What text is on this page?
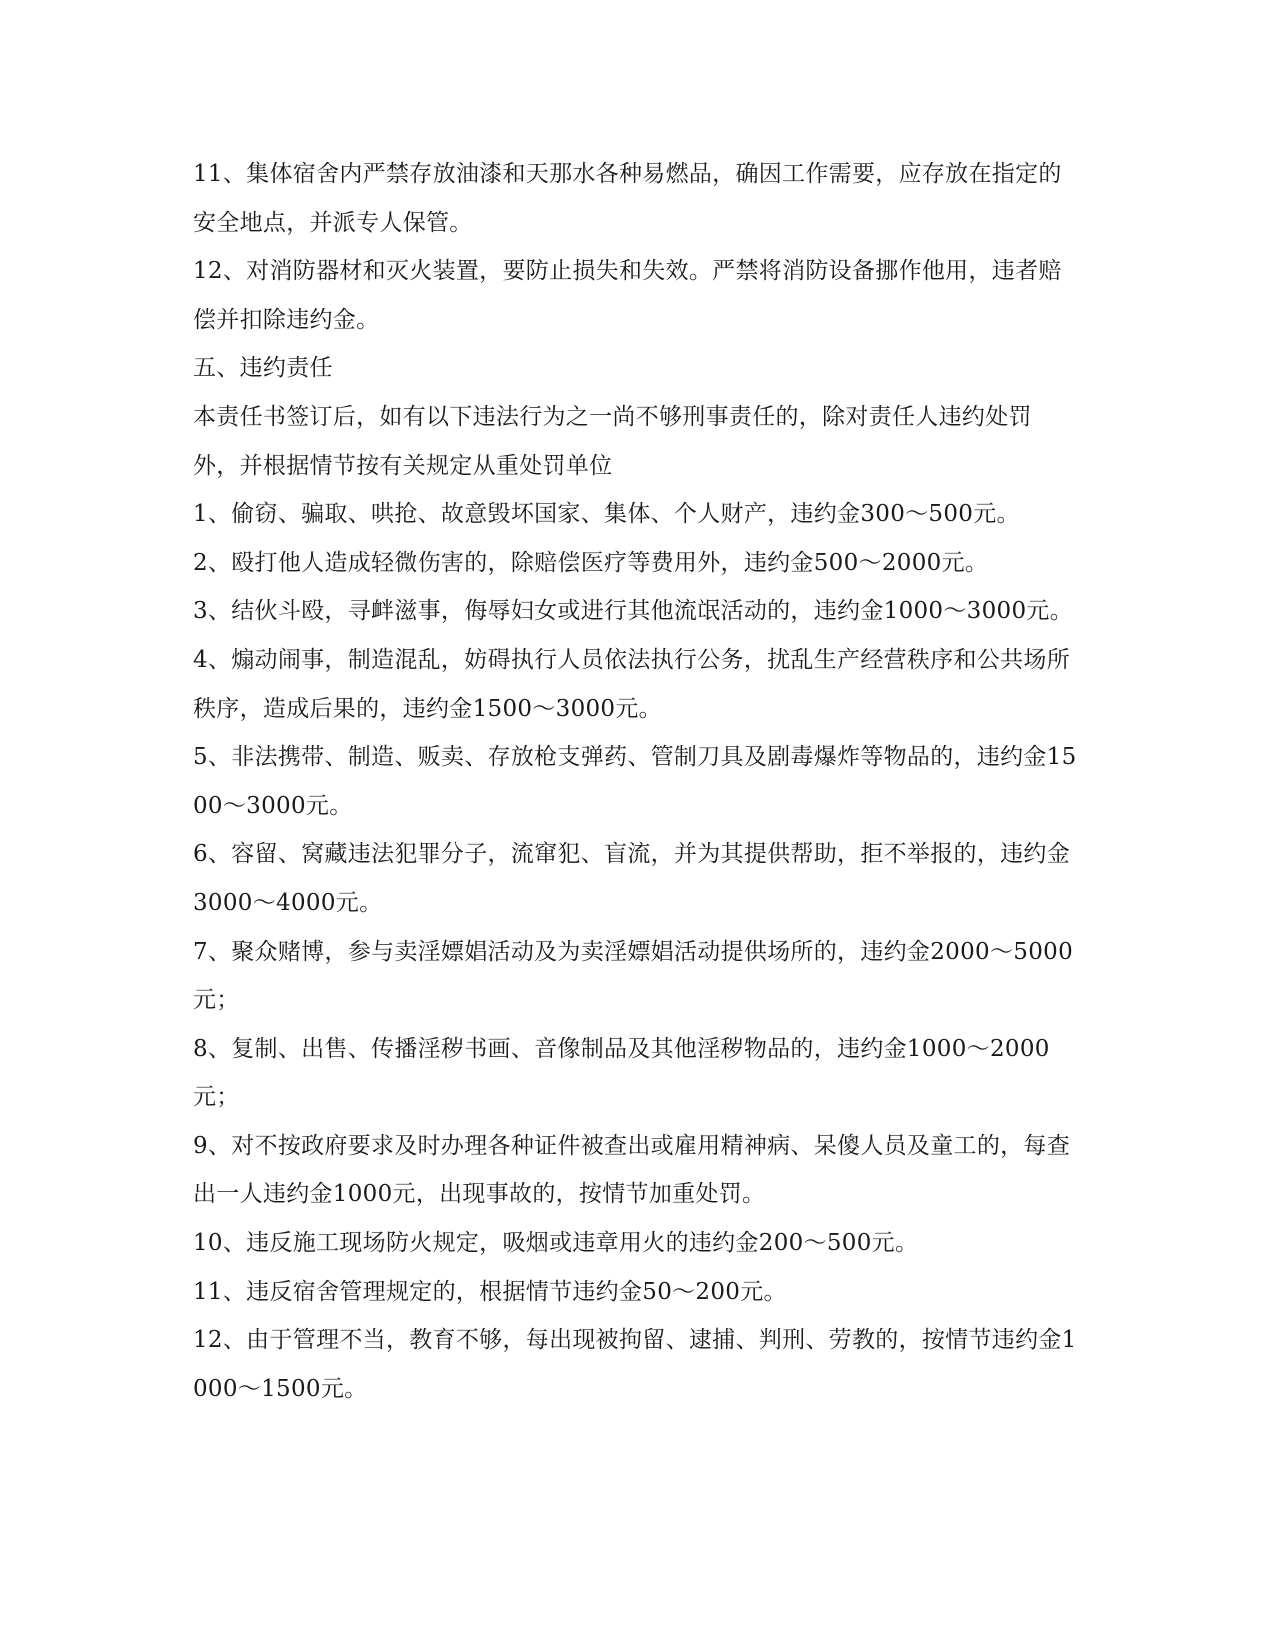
11、集体宿舍内严禁存放油漆和天那水各种易燃品，确因工作需要，应存放在指定的安全地点，并派专人保管。

12、对消防器材和灭火装置，要防止损失和失效。严禁将消防设备挪作他用，违者赔偿并扣除违约金。

五、违约责任

本责任书签订后，如有以下违法行为之一尚不够刑事责任的，除对责任人违约处罚外，并根据情节按有关规定从重处罚单位

1、偷窃、骗取、哄抢、故意毁坏国家、集体、个人财产，违约金300～500元。

2、殴打他人造成轻微伤害的，除赔偿医疗等费用外，违约金500～2000元。

3、结伙斗殴，寻衅滋事，侮辱妇女或进行其他流氓活动的，违约金1000～3000元。

4、煽动闹事，制造混乱，妨碍执行人员依法执行公务，扰乱生产经营秩序和公共场所秩序，造成后果的，违约金1500～3000元。

5、非法携带、制造、贩卖、存放枪支弹药、管制刀具及剧毒爆炸等物品的，违约金1500～3000元。

6、容留、窝藏违法犯罪分子，流窜犯、盲流，并为其提供帮助，拒不举报的，违约金3000～4000元。

7、聚众赌博，参与卖淫嫖娼活动及为卖淫嫖娼活动提供场所的，违约金2000～5000元；

8、复制、出售、传播淫秽书画、音像制品及其他淫秽物品的，违约金1000～2000元；

9、对不按政府要求及时办理各种证件被查出或雇用精神病、呆傻人员及童工的，每查出一人违约金1000元，出现事故的，按情节加重处罚。

10、违反施工现场防火规定，吸烟或违章用火的违约金200～500元。

11、违反宿舍管理规定的，根据情节违约金50～200元。

12、由于管理不当，教育不够，每出现被拘留、逮捕、判刑、劳教的，按情节违约金1000～1500元。
